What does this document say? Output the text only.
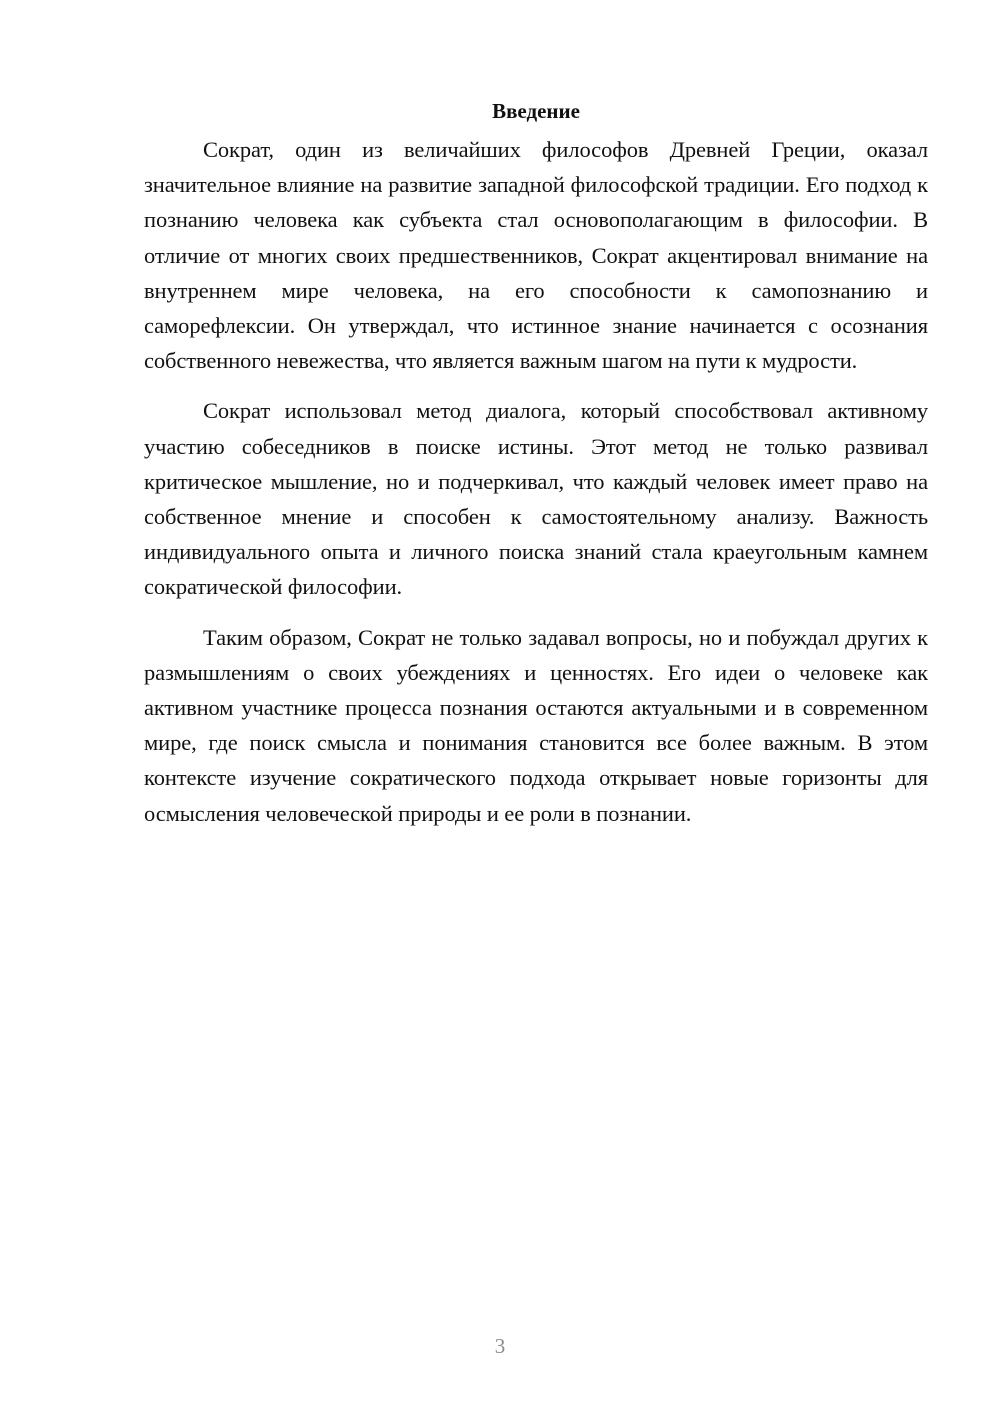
Введение

Сократ, один из величайших философов Древней Греции, оказал значительное влияние на развитие западной философской традиции. Его подход к познанию человека как субъекта стал основополагающим в философии. В отличие от многих своих предшественников, Сократ акцентировал внимание на внутреннем мире человека, на его способности к самопознанию и саморефлексии. Он утверждал, что истинное знание начинается с осознания собственного невежества, что является важным шагом на пути к мудрости.

Сократ использовал метод диалога, который способствовал активному участию собеседников в поиске истины. Этот метод не только развивал критическое мышление, но и подчеркивал, что каждый человек имеет право на собственное мнение и способен к самостоятельному анализу. Важность индивидуального опыта и личного поиска знаний стала краеугольным камнем сократической философии.

Таким образом, Сократ не только задавал вопросы, но и побуждал других к размышлениям о своих убеждениях и ценностях. Его идеи о человеке как активном участнике процесса познания остаются актуальными и в современном мире, где поиск смысла и понимания становится все более важным. В этом контексте изучение сократического подхода открывает новые горизонты для осмысления человеческой природы и ее роли в познании.

3
